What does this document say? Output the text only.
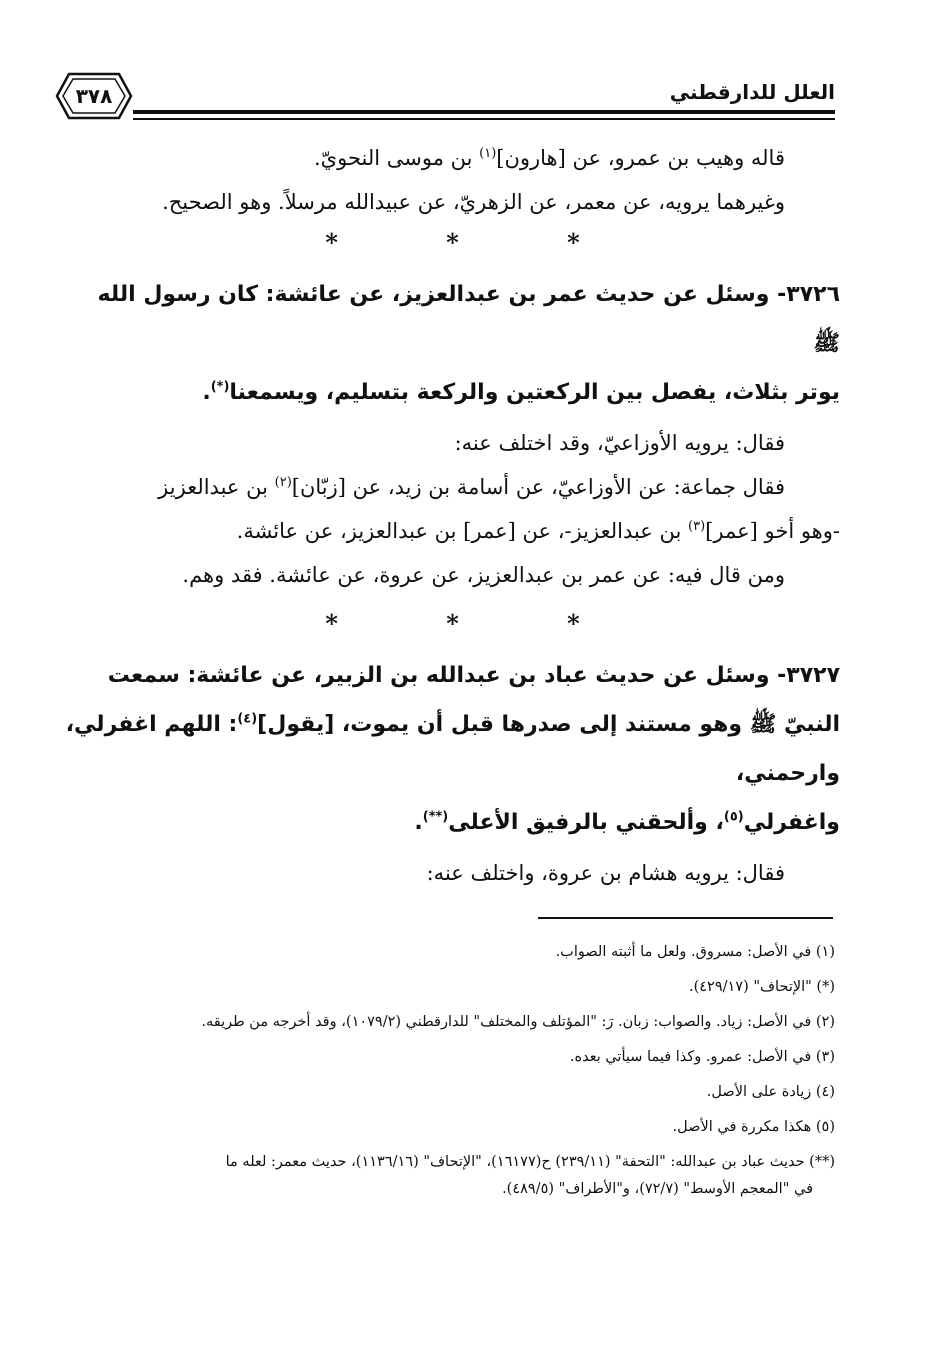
٣٧٨	العلل للدارقطني

قاله وهيب بن عمرو، عن [هارون]$^{(١)}$ بن موسى النحويّ.

وغيرهما يرويه، عن معمر، عن الزهريّ، عن عبيدالله مرسلاً. وهو الصحيح.

* * *

٣٧٢٦- وسئل عن حديث عمر بن عبدالعزيز، عن عائشة: كان رسول الله ﷺ

يوتر بثلاث، يفصل بين الركعتين والركعة بتسليم، ويسمعنا(*).

فقال: يرويه الأوزاعيّ، وقد اختلف عنه:

فقال جماعة: عن الأوزاعيّ، عن أسامة بن زيد، عن [زبّان]$^{(٢)}$ بن عبدالعزيز

-وهو أخو [عمر]$^{(٣)}$ بن عبدالعزيز-، عن [عمر] بن عبدالعزيز، عن عائشة.

ومن قال فيه: عن عمر بن عبدالعزيز، عن عروة، عن عائشة. فقد وهم.

* * *

٣٧٢٧- وسئل عن حديث عباد بن عبدالله بن الزبير، عن عائشة: سمعت

النبيّ ﷺ وهو مستند إلى صدرها قبل أن يموت، [يقول]$^{(٤)}$: اللهم اغفرلي، وارحمني،

واغفرلي$^{(٥)}$، وألحقني بالرفيق الأعلى(**).

فقال: يرويه هشام بن عروة، واختلف عنه:

(١) في الأصل: مسروق. ولعل ما أثبته الصواب.

(*) "الإتحاف" (٤٢٩/١٧).

(٢) في الأصل: زياد. والصواب: زبان. رَ: "المؤتلف والمختلف" للدارقطني (١٠٧٩/٢)، وقد أخرجه من طريقه.

(٣) في الأصل: عمرو. وكذا فيما سيأتي بعده.

(٤) زيادة على الأصل.

(٥) هكذا مكررة في الأصل.

(**) حديث عباد بن عبدالله: "التحفة" (٢٣٩/١١) ح(١٦١٧٧)، "الإتحاف" (١١٣٦/١٦)، حديث معمر: لعله ما

في "المعجم الأوسط" (٧٢/٧)، و"الأطراف" (٤٨٩/٥).
